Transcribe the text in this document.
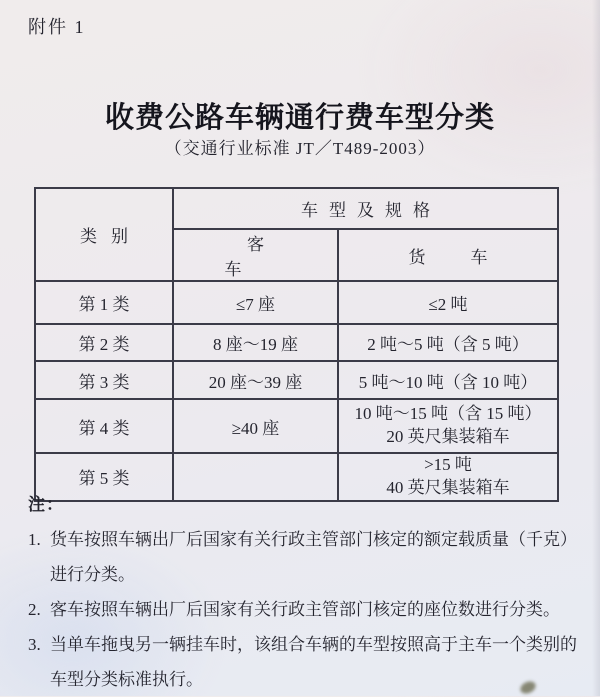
附件 1
收费公路车辆通行费车型分类
（交通行业标准 JT／T489-2003）
类别	车型及规格	
	客车	货车
第 1 类	≤7 座	≤2 吨
第 2 类	8 座～19 座	2 吨～5 吨（含 5 吨）
第 3 类	20 座～39 座	5 吨～10 吨（含 10 吨）
第 4 类	≥40 座	10 吨～15 吨（含 15 吨）
20 英尺集装箱车

第 5 类		>15 吨
40 英尺集装箱车
注：
1. 货车按照车辆出厂后国家有关行政主管部门核定的额定载质量（千克）进行分类。
2. 客车按照车辆出厂后国家有关行政主管部门核定的座位数进行分类。
3. 当单车拖曳另一辆挂车时，该组合车辆的车型按照高于主车一个类别的车型分类标准执行。
